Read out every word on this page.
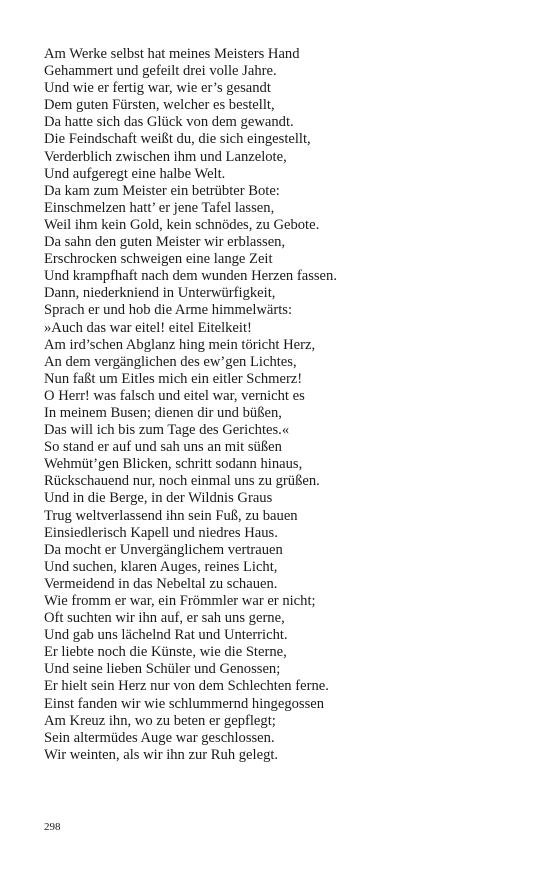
Am Werke selbst hat meines Meisters Hand
Gehammert und gefeilt drei volle Jahre.
Und wie er fertig war, wie er’s gesandt
Dem guten Fürsten, welcher es bestellt,
Da hatte sich das Glück von dem gewandt.
Die Feindschaft weißt du, die sich eingestellt,
Verderblich zwischen ihm und Lanzelote,
Und aufgeregt eine halbe Welt.
Da kam zum Meister ein betrübter Bote:
Einschmelzen hatt’ er jene Tafel lassen,
Weil ihm kein Gold, kein schnödes, zu Gebote.
Da sahn den guten Meister wir erblassen,
Erschrocken schweigen eine lange Zeit
Und krampfhaft nach dem wunden Herzen fassen.
Dann, niederkniend in Unterwürfigkeit,
Sprach er und hob die Arme himmelwärts:
»Auch das war eitel! eitel Eitelkeit!
Am ird’schen Abglanz hing mein töricht Herz,
An dem vergänglichen des ew’gen Lichtes,
Nun faßt um Eitles mich ein eitler Schmerz!
O Herr! was falsch und eitel war, vernicht es
In meinem Busen; dienen dir und büßen,
Das will ich bis zum Tage des Gerichtes.«
So stand er auf und sah uns an mit süßen
Wehmüt’gen Blicken, schritt sodann hinaus,
Rückschauend nur, noch einmal uns zu grüßen.
Und in die Berge, in der Wildnis Graus
Trug weltverlassend ihn sein Fuß, zu bauen
Einsiedlerisch Kapell und niedres Haus.
Da mocht er Unvergänglichem vertrauen
Und suchen, klaren Auges, reines Licht,
Vermeidend in das Nebeltal zu schauen.
Wie fromm er war, ein Frömmler war er nicht;
Oft suchten wir ihn auf, er sah uns gerne,
Und gab uns lächelnd Rat und Unterricht.
Er liebte noch die Künste, wie die Sterne,
Und seine lieben Schüler und Genossen;
Er hielt sein Herz nur von dem Schlechten ferne.
Einst fanden wir wie schlummernd hingegossen
Am Kreuz ihn, wo zu beten er gepflegt;
Sein altermüdes Auge war geschlossen.
Wir weinten, als wir ihn zur Ruh gelegt.
298
